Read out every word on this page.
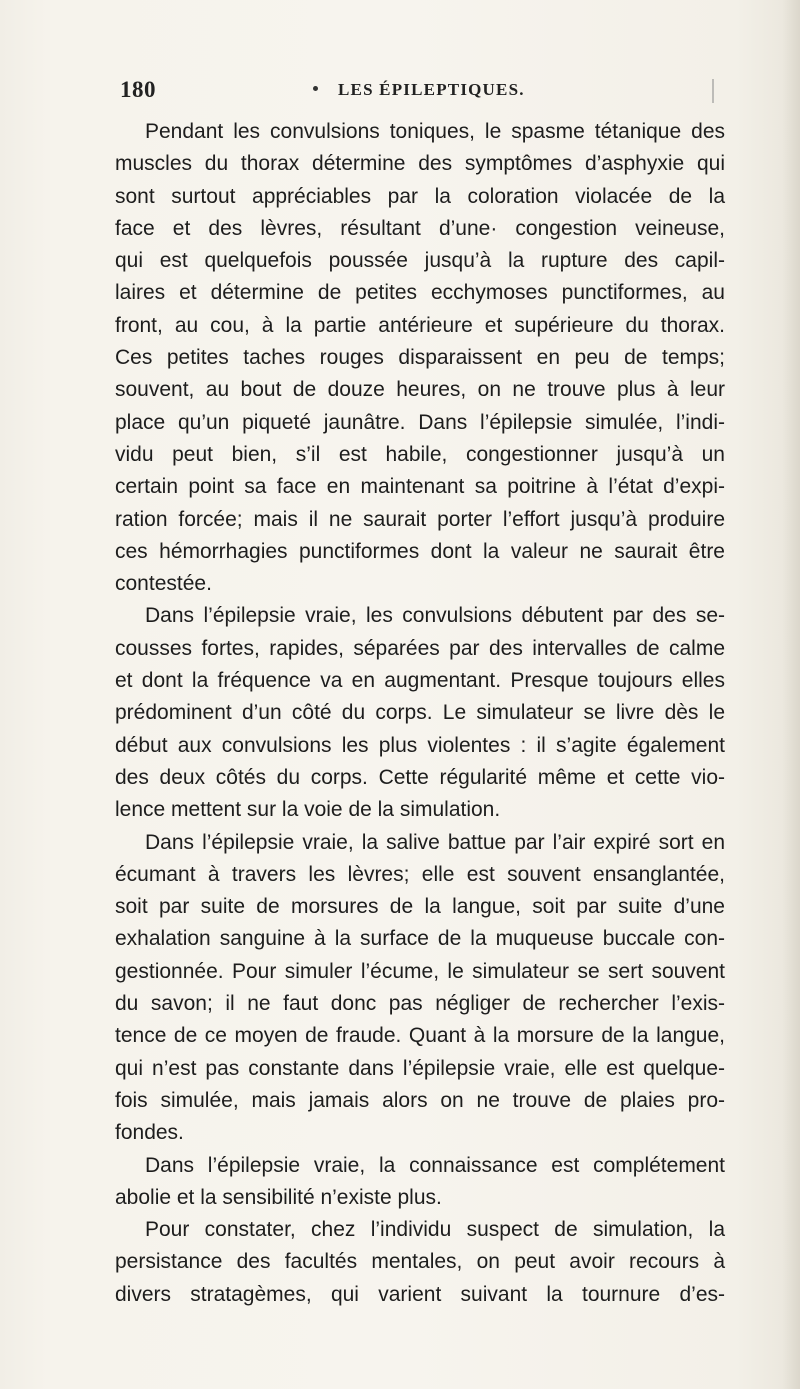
180	LES ÉPILEPTIQUES.
Pendant les convulsions toniques, le spasme tétanique des
muscles du thorax détermine des symptômes d’asphyxie qui
sont surtout appréciables par la coloration violacée de la
face et des lèvres, résultant d’une· congestion veineuse,
qui est quelquefois poussée jusqu’à la rupture des capil-
laires et détermine de petites ecchymoses punctiformes, au
front, au cou, à la partie antérieure et supérieure du thorax.
Ces petites taches rouges disparaissent en peu de temps;
souvent, au bout de douze heures, on ne trouve plus à leur
place qu’un piqueté jaunâtre. Dans l’épilepsie simulée, l’indi-
vidu peut bien, s’il est habile, congestionner jusqu’à un
certain point sa face en maintenant sa poitrine à l’état d’expi-
ration forcée; mais il ne saurait porter l’effort jusqu’à produire
ces hémorrhagies punctiformes dont la valeur ne saurait être
contestée.
Dans l’épilepsie vraie, les convulsions débutent par des se-
cousses fortes, rapides, séparées par des intervalles de calme
et dont la fréquence va en augmentant. Presque toujours elles
prédominent d’un côté du corps. Le simulateur se livre dès le
début aux convulsions les plus violentes : il s’agite également
des deux côtés du corps. Cette régularité même et cette vio-
lence mettent sur la voie de la simulation.
Dans l’épilepsie vraie, la salive battue par l’air expiré sort en
écumant à travers les lèvres; elle est souvent ensanglantée,
soit par suite de morsures de la langue, soit par suite d’une
exhalation sanguine à la surface de la muqueuse buccale con-
gestionnée. Pour simuler l’écume, le simulateur se sert souvent
du savon; il ne faut donc pas négliger de rechercher l’exis-
tence de ce moyen de fraude. Quant à la morsure de la langue,
qui n’est pas constante dans l’épilepsie vraie, elle est quelque-
fois simulée, mais jamais alors on ne trouve de plaies pro-
fondes.
Dans l’épilepsie vraie, la connaissance est complétement
abolie et la sensibilité n’existe plus.
Pour constater, chez l’individu suspect de simulation, la
persistance des facultés mentales, on peut avoir recours à
divers stratagèmes, qui varient suivant la tournure d’es-
